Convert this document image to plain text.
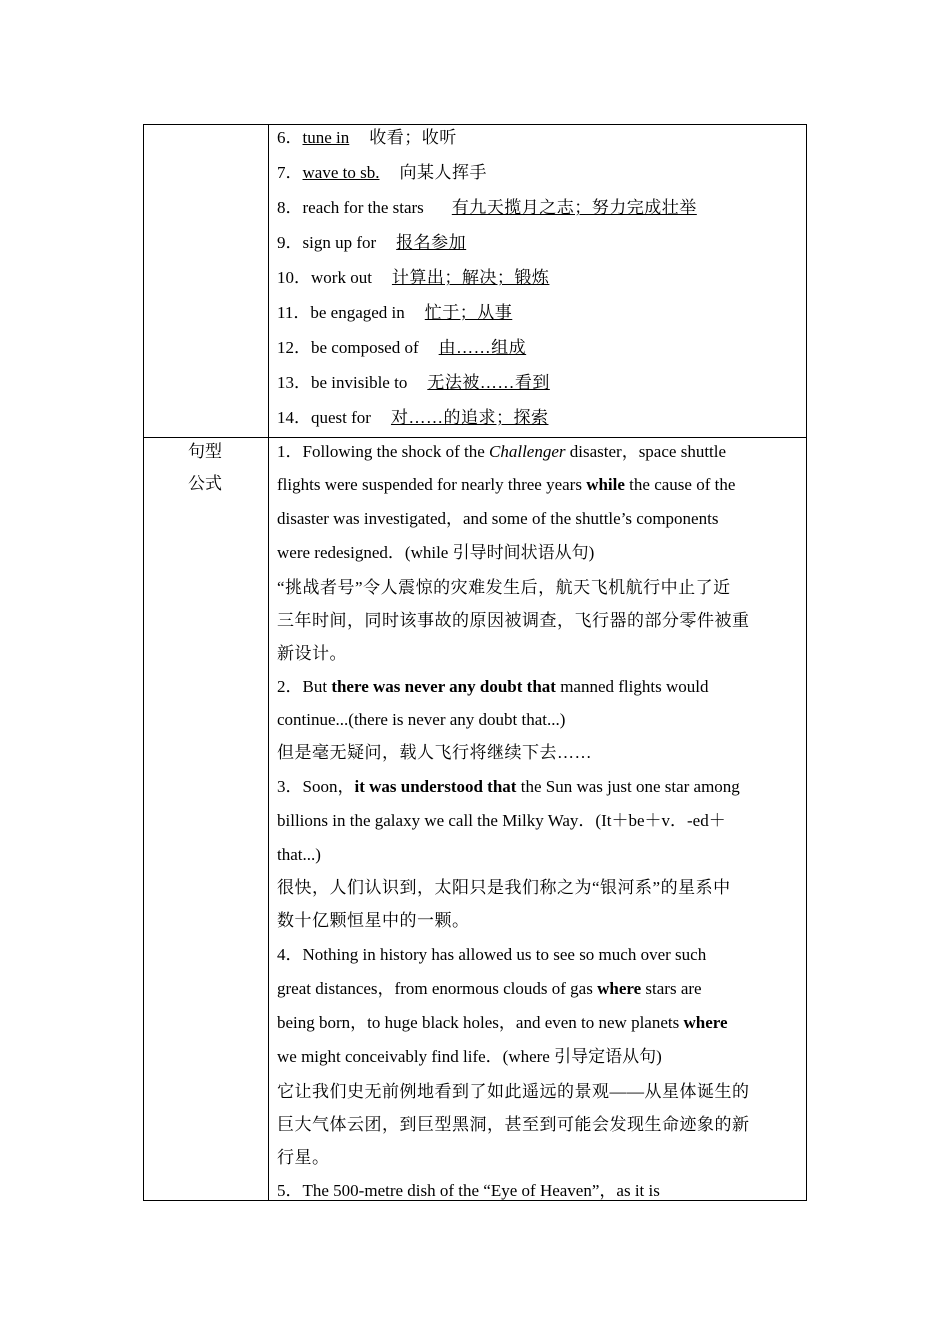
6．tune in 收看；收听
7．wave to sb. 向某人挥手
8．reach for the stars 有九天揽月之志；努力完成壮举
9．sign up for 报名参加
10．work out 计算出；解决；锻炼
11．be engaged in 忙于；从事
12．be composed of 由……组成
13．be invisible to 无法被……看到
14．quest for 对……的追求；探索
句型
公式
1．Following the shock of the Challenger disaster，space shuttle
flights were suspended for nearly three years while the cause of the
disaster was investigated，and some of the shuttle’s components
were redesigned．(while 引导时间状语从句)
“挑战者号”令人震惊的灾难发生后，航天飞机航行中止了近
三年时间，同时该事故的原因被调查，飞行器的部分零件被重
新设计。
2．But there was never any doubt that manned flights would
continue...(there is never any doubt that...)
但是毫无疑问，载人飞行将继续下去……
3．Soon，it was understood that the Sun was just one star among
billions in the galaxy we call the Milky Way．(It＋be＋v．-ed＋
that...)
很快，人们认识到，太阳只是我们称之为“银河系”的星系中
数十亿颗恒星中的一颗。
4．Nothing in history has allowed us to see so much over such
great distances，from enormous clouds of gas where stars are
being born，to huge black holes，and even to new planets where
we might conceivably find life．(where 引导定语从句)
它让我们史无前例地看到了如此遥远的景观——从星体诞生的
巨大气体云团，到巨型黑洞，甚至到可能会发现生命迹象的新
行星。
5．The 500-metre dish of the “Eye of Heaven”，as it is
